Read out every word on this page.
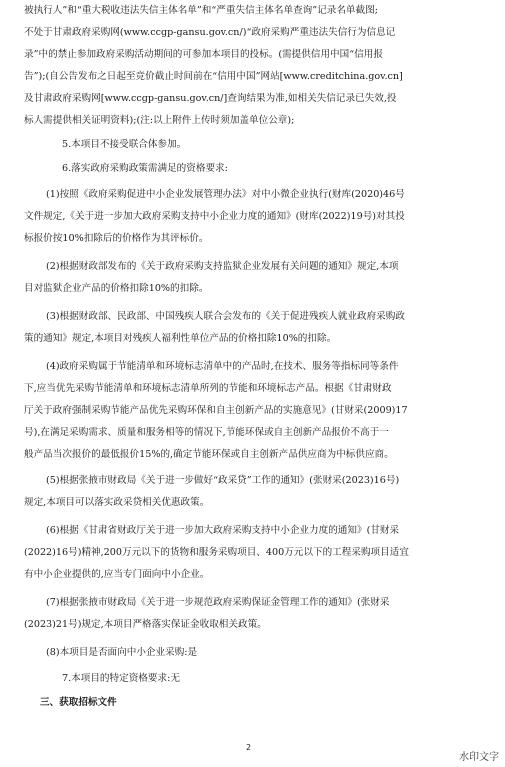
被执行人”和“重大税收违法失信主体名单”和“严重失信主体名单查询”记录名单截图;
不处于甘肃政府采购网(www.ccgp-gansu.gov.cn/)“政府采购严重违法失信行为信息记
录”中的禁止参加政府采购活动期间的可参加本项目的投标。(需提供信用中国“信用报
告”);(自公告发布之日起至竞价截止时间前在“信用中国”网站[www.creditchina.gov.cn]
及甘肃政府采购网[www.ccgp-gansu.gov.cn/]查询结果为准,如相关失信记录已失效,投
标人需提供相关证明资料);(注:以上附件上传时须加盖单位公章);
5.本项目不接受联合体参加。
6.落实政府采购政策需满足的资格要求:
(1)按照《政府采购促进中小企业发展管理办法》对中小微企业执行(财库(2020)46号
文件规定,《关于进一步加大政府采购支持中小企业力度的通知》(财库(2022)19号)对其投
标报价按10%扣除后的价格作为其评标价。
(2)根据财政部发布的《关于政府采购支持监狱企业发展有关问题的通知》规定,本项
目对监狱企业产品的价格扣除10%的扣除。
(3)根据财政部、民政部、中国残疾人联合会发布的《关于促进残疾人就业政府采购政
策的通知》规定,本项目对残疾人福利性单位产品的价格扣除10%的扣除。
(4)政府采购属于节能清单和环境标志清单中的产品时,在技术、服务等指标同等条件
下,应当优先采购节能清单和环境标志清单所列的节能和环境标志产品。根据《甘肃财政
厅关于政府强制采购节能产品优先采购环保和自主创新产品的实施意见》(甘财采(2009)17
号),在满足采购需求、质量和服务相等的情况下,节能环保或自主创新产品报价不高于一
般产品当次报价的最低报价15%的,确定节能环保或自主创新产品供应商为中标供应商。
(5)根据张掖市财政局《关于进一步做好“政采贷”工作的通知》(张财采(2023)16号)
规定,本项目可以落实政采贷相关优惠政策。
(6)根据《甘肃省财政厅关于进一步加大政府采购支持中小企业力度的通知》(甘财采
(2022)16号)精神,200万元以下的货物和服务采购项目、400万元以下的工程采购项目适宜
有中小企业提供的,应当专门面向中小企业。
(7)根据张掖市财政局《关于进一步规范政府采购保证金管理工作的通知》(张财采
(2023)21号)规定,本项目严格落实保证金收取相关政策。
(8)本项目是否面向中小企业采购:是
7.本项目的特定资格要求:无
三、获取招标文件
2
水印文字
